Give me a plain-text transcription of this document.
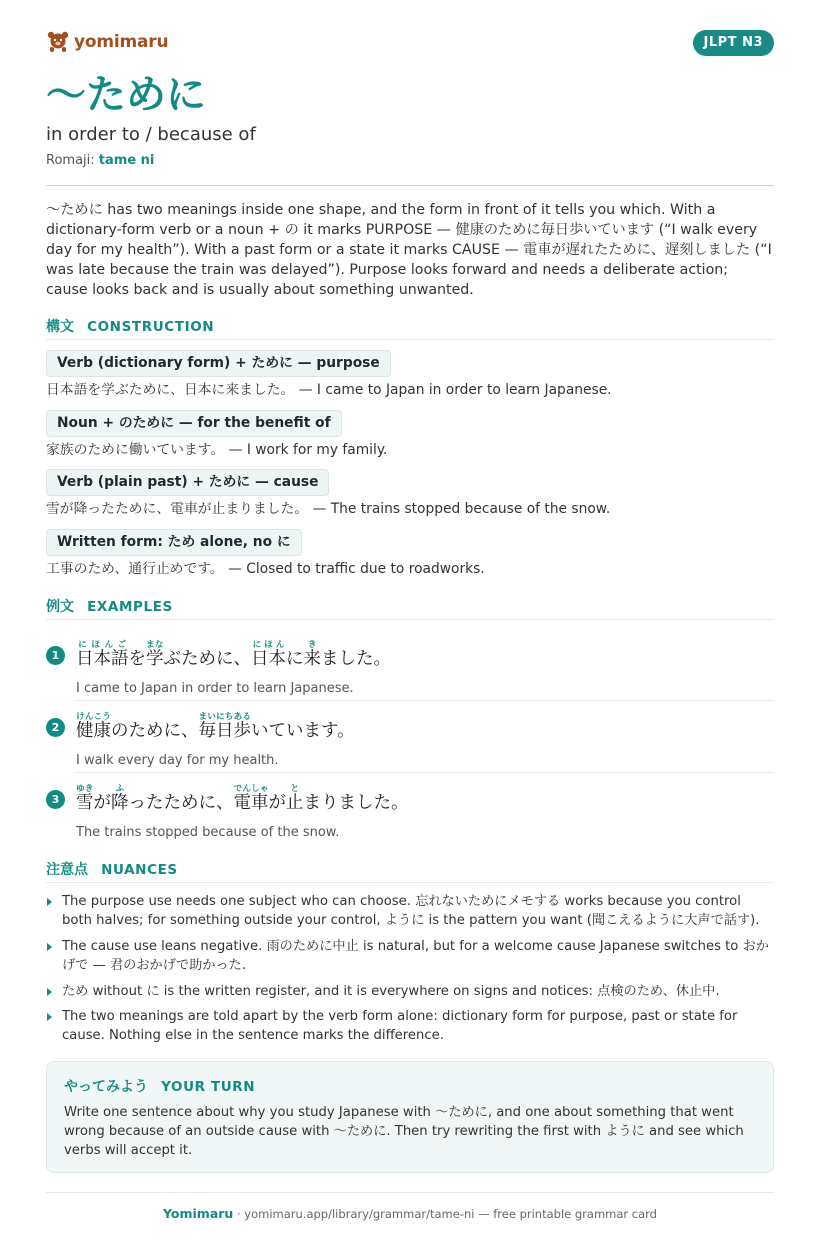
yomimaru	JLPT N3
〜ために
in order to / because of
Romaji: tame ni

〜ために has two meanings inside one shape, and the form in front of it tells you which. With a dictionary-form verb or a noun + の it marks PURPOSE — 健康のために毎日歩いています (“I walk every day for my health”). With a past form or a state it marks CAUSE — 電車が遅れたために、遅刻しました (“I was late because the train was delayed”). Purpose looks forward and needs a deliberate action; cause looks back and is usually about something unwanted.

構文 CONSTRUCTION
Verb (dictionary form) + ために — purpose
日本語を学ぶために、日本に来ました。 — I came to Japan in order to learn Japanese.
Noun + のために — for the benefit of
家族のために働いています。 — I work for my family.
Verb (plain past) + ために — cause
雪が降ったために、電車が止まりました。 — The trains stopped because of the snow.
Written form: ため alone, no に
工事のため、通行止めです。 — Closed to traffic due to roadworks.
例文 EXAMPLES
1 日本語にほんごを学まなぶために、日本にほんに来きました。
I came to Japan in order to learn Japanese.
2 健康けんこうのために、毎日歩まいにちあるいています。
I walk every day for my health.
3 雪ゆきが降ふったために、電車でんしゃが止とまりました。
The trains stopped because of the snow.
注意点 NUANCES
The purpose use needs one subject who can choose. 忘れないためにメモする works because you control both halves; for something outside your control, ように is the pattern you want (聞こえるように大声で話す).
The cause use leans negative. 雨のために中止 is natural, but for a welcome cause Japanese switches to おかげで — 君のおかげで助かった.
ため without に is the written register, and it is everywhere on signs and notices: 点検のため、休止中.
The two meanings are told apart by the verb form alone: dictionary form for purpose, past or state for cause. Nothing else in the sentence marks the difference.
やってみよう YOUR TURN
Write one sentence about why you study Japanese with 〜ために, and one about something that went wrong because of an outside cause with 〜ために. Then try rewriting the first with ように and see which verbs will accept it.
Yomimaru · yomimaru.app/library/grammar/tame-ni — free printable grammar card
